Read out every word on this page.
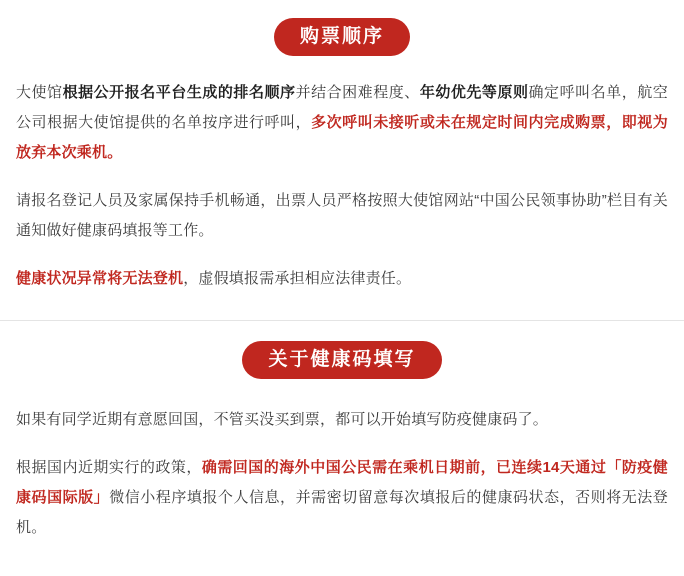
购票顺序

大使馆根据公开报名平台生成的排名顺序并结合困难程度、年幼优先等原则确定呼叫名单，航空公司根据大使馆提供的名单按序进行呼叫，多次呼叫未接听或未在规定时间内完成购票，即视为放弃本次乘机。

请报名登记人员及家属保持手机畅通，出票人员严格按照大使馆网站“中国公民领事协助”栏目有关通知做好健康码填报等工作。

健康状况异常将无法登机，虚假填报需承担相应法律责任。

关于健康码填写

如果有同学近期有意愿回国，不管买没买到票，都可以开始填写防疫健康码了。

根据国内近期实行的政策，确需回国的海外中国公民需在乘机日期前，已连续14天通过「防疫健康码国际版」微信小程序填报个人信息，并需密切留意每次填报后的健康码状态，否则将无法登机。
